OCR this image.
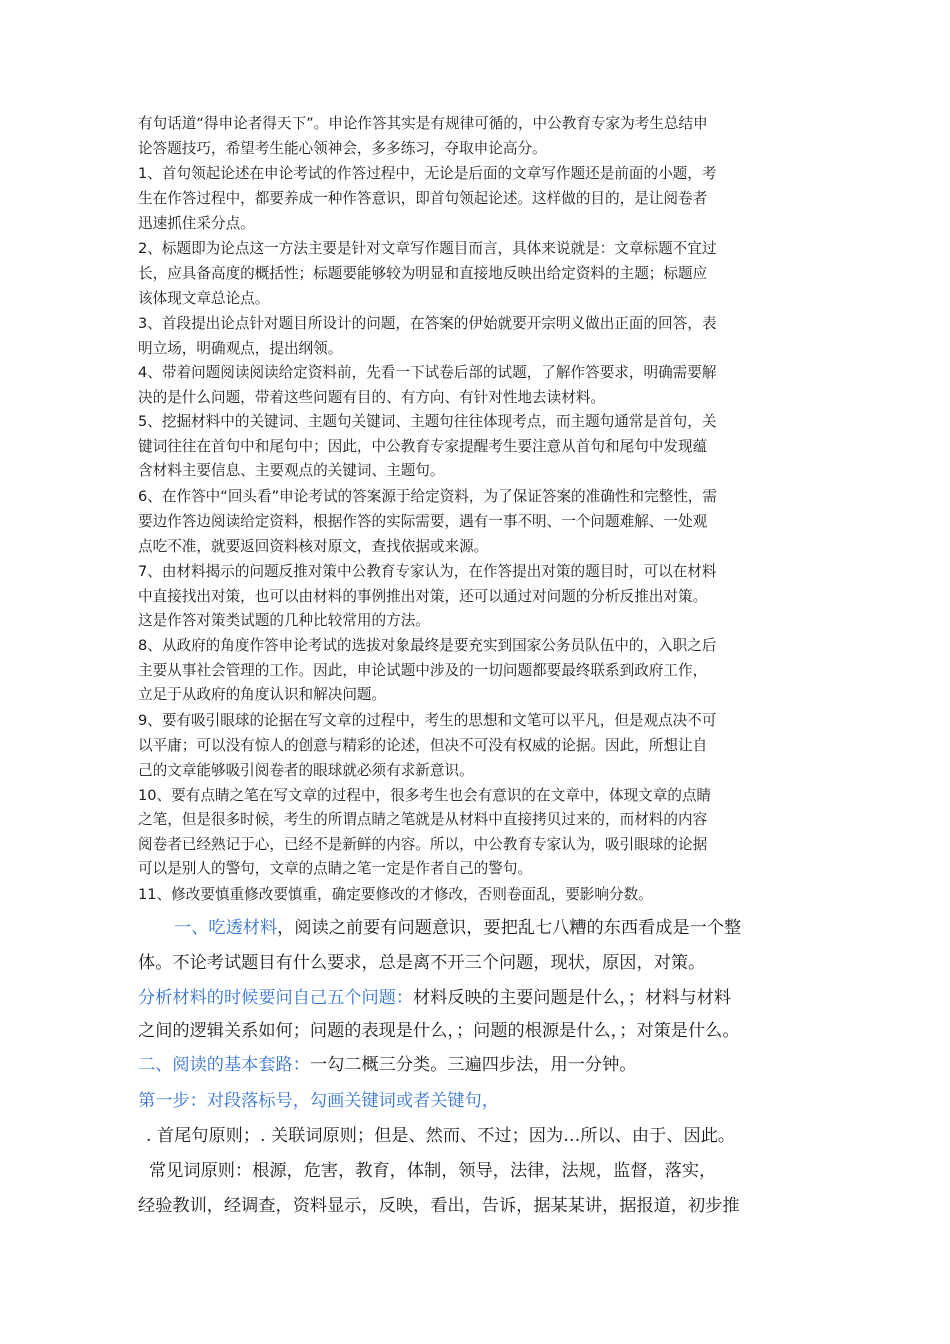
有句话道“得申论者得天下”。申论作答其实是有规律可循的，中公教育专家为考生总结申
论答题技巧，希望考生能心领神会，多多练习，夺取申论高分。
1、首句领起论述在申论考试的作答过程中，无论是后面的文章写作题还是前面的小题，考
生在作答过程中，都要养成一种作答意识，即首句领起论述。这样做的目的，是让阅卷者
迅速抓住采分点。
2、标题即为论点这一方法主要是针对文章写作题目而言，具体来说就是：文章标题不宜过
长，应具备高度的概括性；标题要能够较为明显和直接地反映出给定资料的主题；标题应
该体现文章总论点。
3、首段提出论点针对题目所设计的问题，在答案的伊始就要开宗明义做出正面的回答，表
明立场，明确观点，提出纲领。
4、带着问题阅读阅读给定资料前，先看一下试卷后部的试题，了解作答要求，明确需要解
决的是什么问题，带着这些问题有目的、有方向、有针对性地去读材料。
5、挖掘材料中的关键词、主题句关键词、主题句往往体现考点，而主题句通常是首句，关
键词往往在首句中和尾句中；因此，中公教育专家提醒考生要注意从首句和尾句中发现蕴
含材料主要信息、主要观点的关键词、主题句。
6、在作答中“回头看”申论考试的答案源于给定资料，为了保证答案的准确性和完整性，需
要边作答边阅读给定资料，根据作答的实际需要，遇有一事不明、一个问题难解、一处观
点吃不准，就要返回资料核对原文，查找依据或来源。
7、由材料揭示的问题反推对策中公教育专家认为，在作答提出对策的题目时，可以在材料
中直接找出对策，也可以由材料的事例推出对策，还可以通过对问题的分析反推出对策。
这是作答对策类试题的几种比较常用的方法。
8、从政府的角度作答申论考试的选拔对象最终是要充实到国家公务员队伍中的，入职之后
主要从事社会管理的工作。因此，申论试题中涉及的一切问题都要最终联系到政府工作，
立足于从政府的角度认识和解决问题。
9、要有吸引眼球的论据在写文章的过程中，考生的思想和文笔可以平凡，但是观点决不可
以平庸；可以没有惊人的创意与精彩的论述，但决不可没有权威的论据。因此，所想让自
己的文章能够吸引阅卷者的眼球就必须有求新意识。
10、要有点睛之笔在写文章的过程中，很多考生也会有意识的在文章中，体现文章的点睛
之笔，但是很多时候，考生的所谓点睛之笔就是从材料中直接拷贝过来的，而材料的内容
阅卷者已经熟记于心，已经不是新鲜的内容。所以，中公教育专家认为，吸引眼球的论据
可以是别人的警句，文章的点睛之笔一定是作者自己的警句。
11、修改要慎重修改要慎重，确定要修改的才修改，否则卷面乱，要影响分数。
一、吃透材料，阅读之前要有问题意识，要把乱七八糟的东西看成是一个整
体。不论考试题目有什么要求，总是离不开三个问题，现状，原因，对策。
分析材料的时候要问自己五个问题：材料反映的主要问题是什么，；材料与材料
之间的逻辑关系如何；问题的表现是什么，；问题的根源是什么，；对策是什么。
二、阅读的基本套路：一勾二概三分类。三遍四步法，用一分钟。
第一步：对段落标号，勾画关键词或者关键句，
. 首尾句原则；. 关联词原则；但是、然而、不过；因为…所以、由于、因此。
常见词原则：根源，危害，教育，体制，领导，法律，法规，监督，落实，
经验教训，经调查，资料显示，反映，看出，告诉，据某某讲，据报道，初步推
